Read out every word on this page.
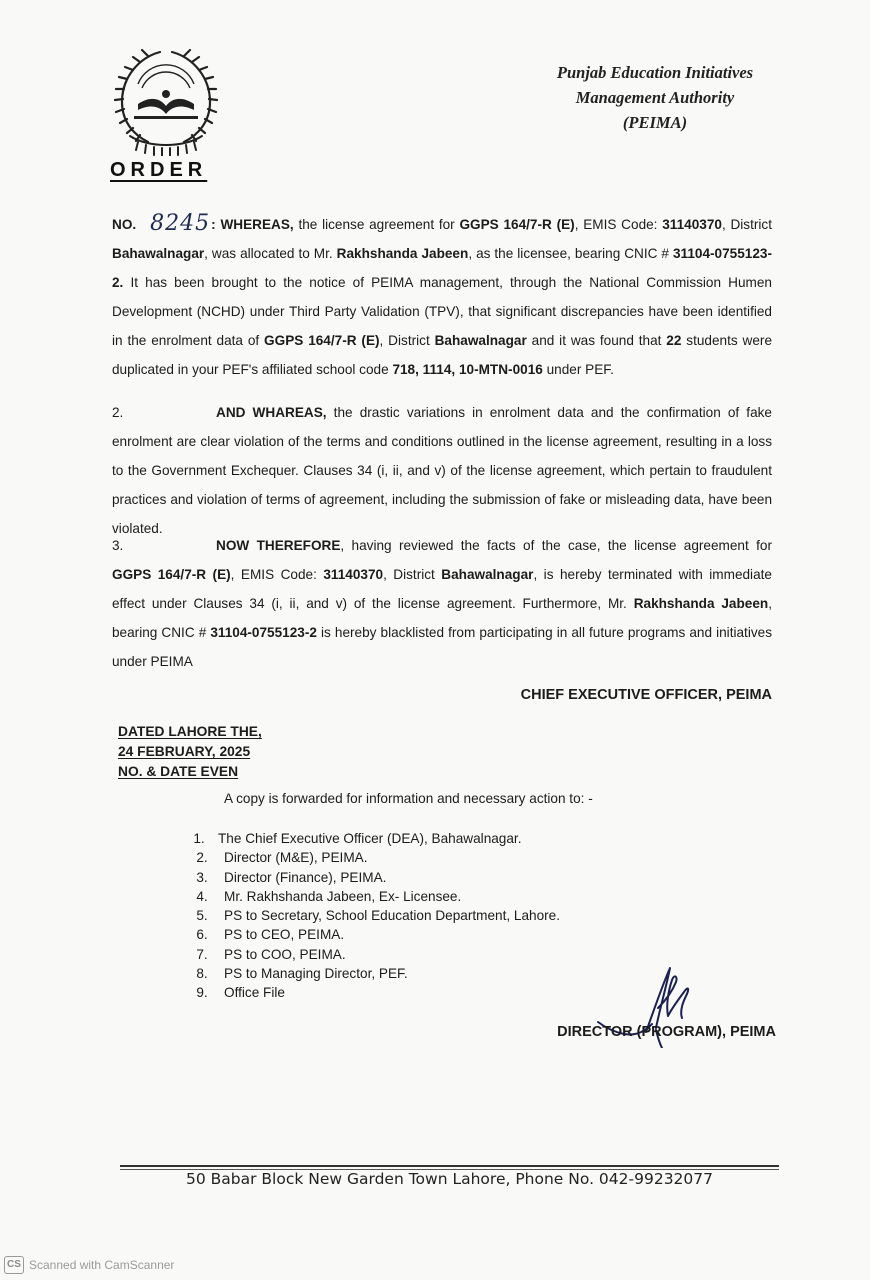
Punjab Education Initiatives
Management Authority
(PEIMA)
ORDER
NO. 8245: WHEREAS, the license agreement for GGPS 164/7-R (E), EMIS Code: 31140370, District Bahawalnagar, was allocated to Mr. Rakhshanda Jabeen, as the licensee, bearing CNIC # 31104-0755123-2. It has been brought to the notice of PEIMA management, through the National Commission Humen Development (NCHD) under Third Party Validation (TPV), that significant discrepancies have been identified in the enrolment data of GGPS 164/7-R (E), District Bahawalnagar and it was found that 22 students were duplicated in your PEF's affiliated school code 718, 1114, 10-MTN-0016 under PEF.
2.	AND WHAREAS, the drastic variations in enrolment data and the confirmation of fake enrolment are clear violation of the terms and conditions outlined in the license agreement, resulting in a loss to the Government Exchequer. Clauses 34 (i, ii, and v) of the license agreement, which pertain to fraudulent practices and violation of terms of agreement, including the submission of fake or misleading data, have been violated.
3.	NOW THEREFORE, having reviewed the facts of the case, the license agreement for GGPS 164/7-R (E), EMIS Code: 31140370, District Bahawalnagar, is hereby terminated with immediate effect under Clauses 34 (i, ii, and v) of the license agreement. Furthermore, Mr. Rakhshanda Jabeen, bearing CNIC # 31104-0755123-2 is hereby blacklisted from participating in all future programs and initiatives under PEIMA
CHIEF EXECUTIVE OFFICER, PEIMA
DATED LAHORE THE,
24 FEBRUARY, 2025
NO. & DATE EVEN
A copy is forwarded for information and necessary action to: -
1. The Chief Executive Officer (DEA), Bahawalnagar.
2.	Director (M&E), PEIMA.
3.	Director (Finance), PEIMA.
4.	Mr. Rakhshanda Jabeen, Ex- Licensee.
5.	PS to Secretary, School Education Department, Lahore.
6.	PS to CEO, PEIMA.
7.	PS to COO, PEIMA.
8.	PS to Managing Director, PEF.
9.	Office File
DIRECTOR (PROGRAM), PEIMA
50 Babar Block New Garden Town Lahore, Phone No. 042-99232077
CS Scanned with CamScanner
